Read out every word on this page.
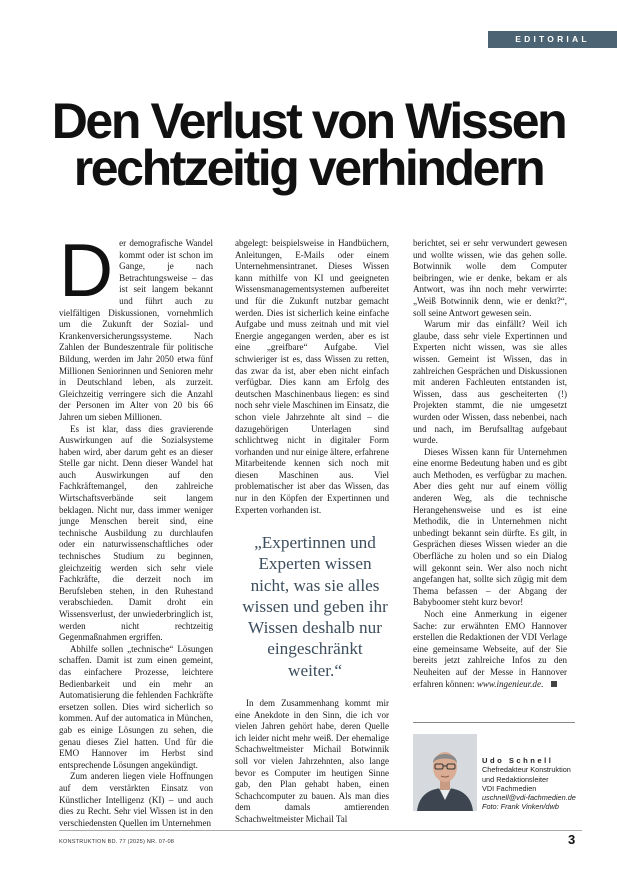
EDITORIAL
Den Verlust von Wissen
rechtzeitig verhindern

Der demografische Wandel kommt oder ist schon im Gange, je nach Betrachtungsweise – das ist seit langem bekannt und führt auch zu vielfältigen Diskussionen, vornehmlich um die Zukunft der Sozial- und Krankenversicherungssysteme. Nach Zahlen der Bundeszentrale für politische Bildung, werden im Jahr 2050 etwa fünf Millionen Seniorinnen und Senioren mehr in Deutschland leben, als zurzeit. Gleichzeitig verringere sich die Anzahl der Personen im Alter von 20 bis 66 Jahren um sieben Millionen.

Es ist klar, dass dies gravierende Auswirkungen auf die Sozialsysteme haben wird, aber darum geht es an dieser Stelle gar nicht. Denn dieser Wandel hat auch Auswirkungen auf den Fachkräftemangel, den zahlreiche Wirtschaftsverbände seit langem beklagen. Nicht nur, dass immer weniger junge Menschen bereit sind, eine technische Ausbildung zu durchlaufen oder ein naturwissenschaftliches oder technisches Studium zu beginnen, gleichzeitig werden sich sehr viele Fachkräfte, die derzeit noch im Berufsleben stehen, in den Ruhestand verabschieden. Damit droht ein Wissensverlust, der unwiederbringlich ist, werden nicht rechtzeitig Gegenmaßnahmen ergriffen.

Abhilfe sollen „technische“ Lösungen schaffen. Damit ist zum einen gemeint, das einfachere Prozesse, leichtere Bedienbarkeit und ein mehr an Automatisierung die fehlenden Fachkräfte ersetzen sollen. Dies wird sicherlich so kommen. Auf der automatica in München, gab es einige Lösungen zu sehen, die genau dieses Ziel hatten. Und für die EMO Hannover im Herbst sind entsprechende Lösungen angekündigt.

Zum anderen liegen viele Hoffnungen auf dem verstärkten Einsatz von Künstlicher Intelligenz (KI) – und auch dies zu Recht. Sehr viel Wissen ist in den verschiedensten Quellen im Unternehmen

abgelegt: beispielsweise in Handbüchern, Anleitungen, E-Mails oder einem Unternehmensintranet. Dieses Wissen kann mithilfe von KI und geeigneten Wissensmanagementsystemen aufbereitet und für die Zukunft nutzbar gemacht werden. Dies ist sicherlich keine einfache Aufgabe und muss zeitnah und mit viel Energie angegangen werden, aber es ist eine „greifbare“ Aufgabe. Viel schwieriger ist es, dass Wissen zu retten, das zwar da ist, aber eben nicht einfach verfügbar. Dies kann am Erfolg des deutschen Maschinenbaus liegen: es sind noch sehr viele Maschinen im Einsatz, die schon viele Jahrzehnte alt sind – die dazugehörigen Unterlagen sind schlichtweg nicht in digitaler Form vorhanden und nur einige ältere, erfahrene Mitarbeitende kennen sich noch mit diesen Maschinen aus. Viel problematischer ist aber das Wissen, das nur in den Köpfen der Expertinnen und Experten vorhanden ist.

„Expertinnen und Experten wissen nicht, was sie alles wissen und geben ihr Wissen deshalb nur eingeschränkt weiter.“

In dem Zusammenhang kommt mir eine Anekdote in den Sinn, die ich vor vielen Jahren gehört habe, deren Quelle ich leider nicht mehr weiß. Der ehemalige Schachweltmeister Michail Botwinnik soll vor vielen Jahrzehnten, also lange bevor es Computer im heutigen Sinne gab, den Plan gehabt haben, einen Schachcomputer zu bauen. Als man dies dem damals amtierenden Schachweltmeister Michail Tal

berichtet, sei er sehr verwundert gewesen und wollte wissen, wie das gehen solle. Botwinnik wolle dem Computer beibringen, wie er denke, bekam er als Antwort, was ihn noch mehr verwirrte: „Weiß Botwinnik denn, wie er denkt?“, soll seine Antwort gewesen sein.

Warum mir das einfällt? Weil ich glaube, dass sehr viele Expertinnen und Experten nicht wissen, was sie alles wissen. Gemeint ist Wissen, das in zahlreichen Gesprächen und Diskussionen mit anderen Fachleuten entstanden ist, Wissen, dass aus gescheiterten (!) Projekten stammt, die nie umgesetzt wurden oder Wissen, dass nebenbei, nach und nach, im Berufsalltag aufgebaut wurde.

Dieses Wissen kann für Unternehmen eine enorme Bedeutung haben und es gibt auch Methoden, es verfügbar zu machen. Aber dies geht nur auf einem völlig anderen Weg, als die technische Herangehensweise und es ist eine Methodik, die in Unternehmen nicht unbedingt bekannt sein dürfte. Es gilt, in Gesprächen dieses Wissen wieder an die Oberfläche zu holen und so ein Dialog will gekonnt sein. Wer also noch nicht angefangen hat, sollte sich zügig mit dem Thema befassen – der Abgang der Babyboomer steht kurz bevor!

Noch eine Anmerkung in eigener Sache: zur erwähnten EMO Hannover erstellen die Redaktionen der VDI Verlage eine gemeinsame Webseite, auf der Sie bereits jetzt zahlreiche Infos zu den Neuheiten auf der Messe in Hannover erfahren können: www.ingenieur.de.

Udo Schnell
Chefredakteur Konstruktion
und Redaktionsleiter
VDI Fachmedien
uschnell@vdi-fachmedien.de
Foto: Frank Vinken/dwb
KONSTRUKTION BD. 77 (2025) NR. 07-08	3
